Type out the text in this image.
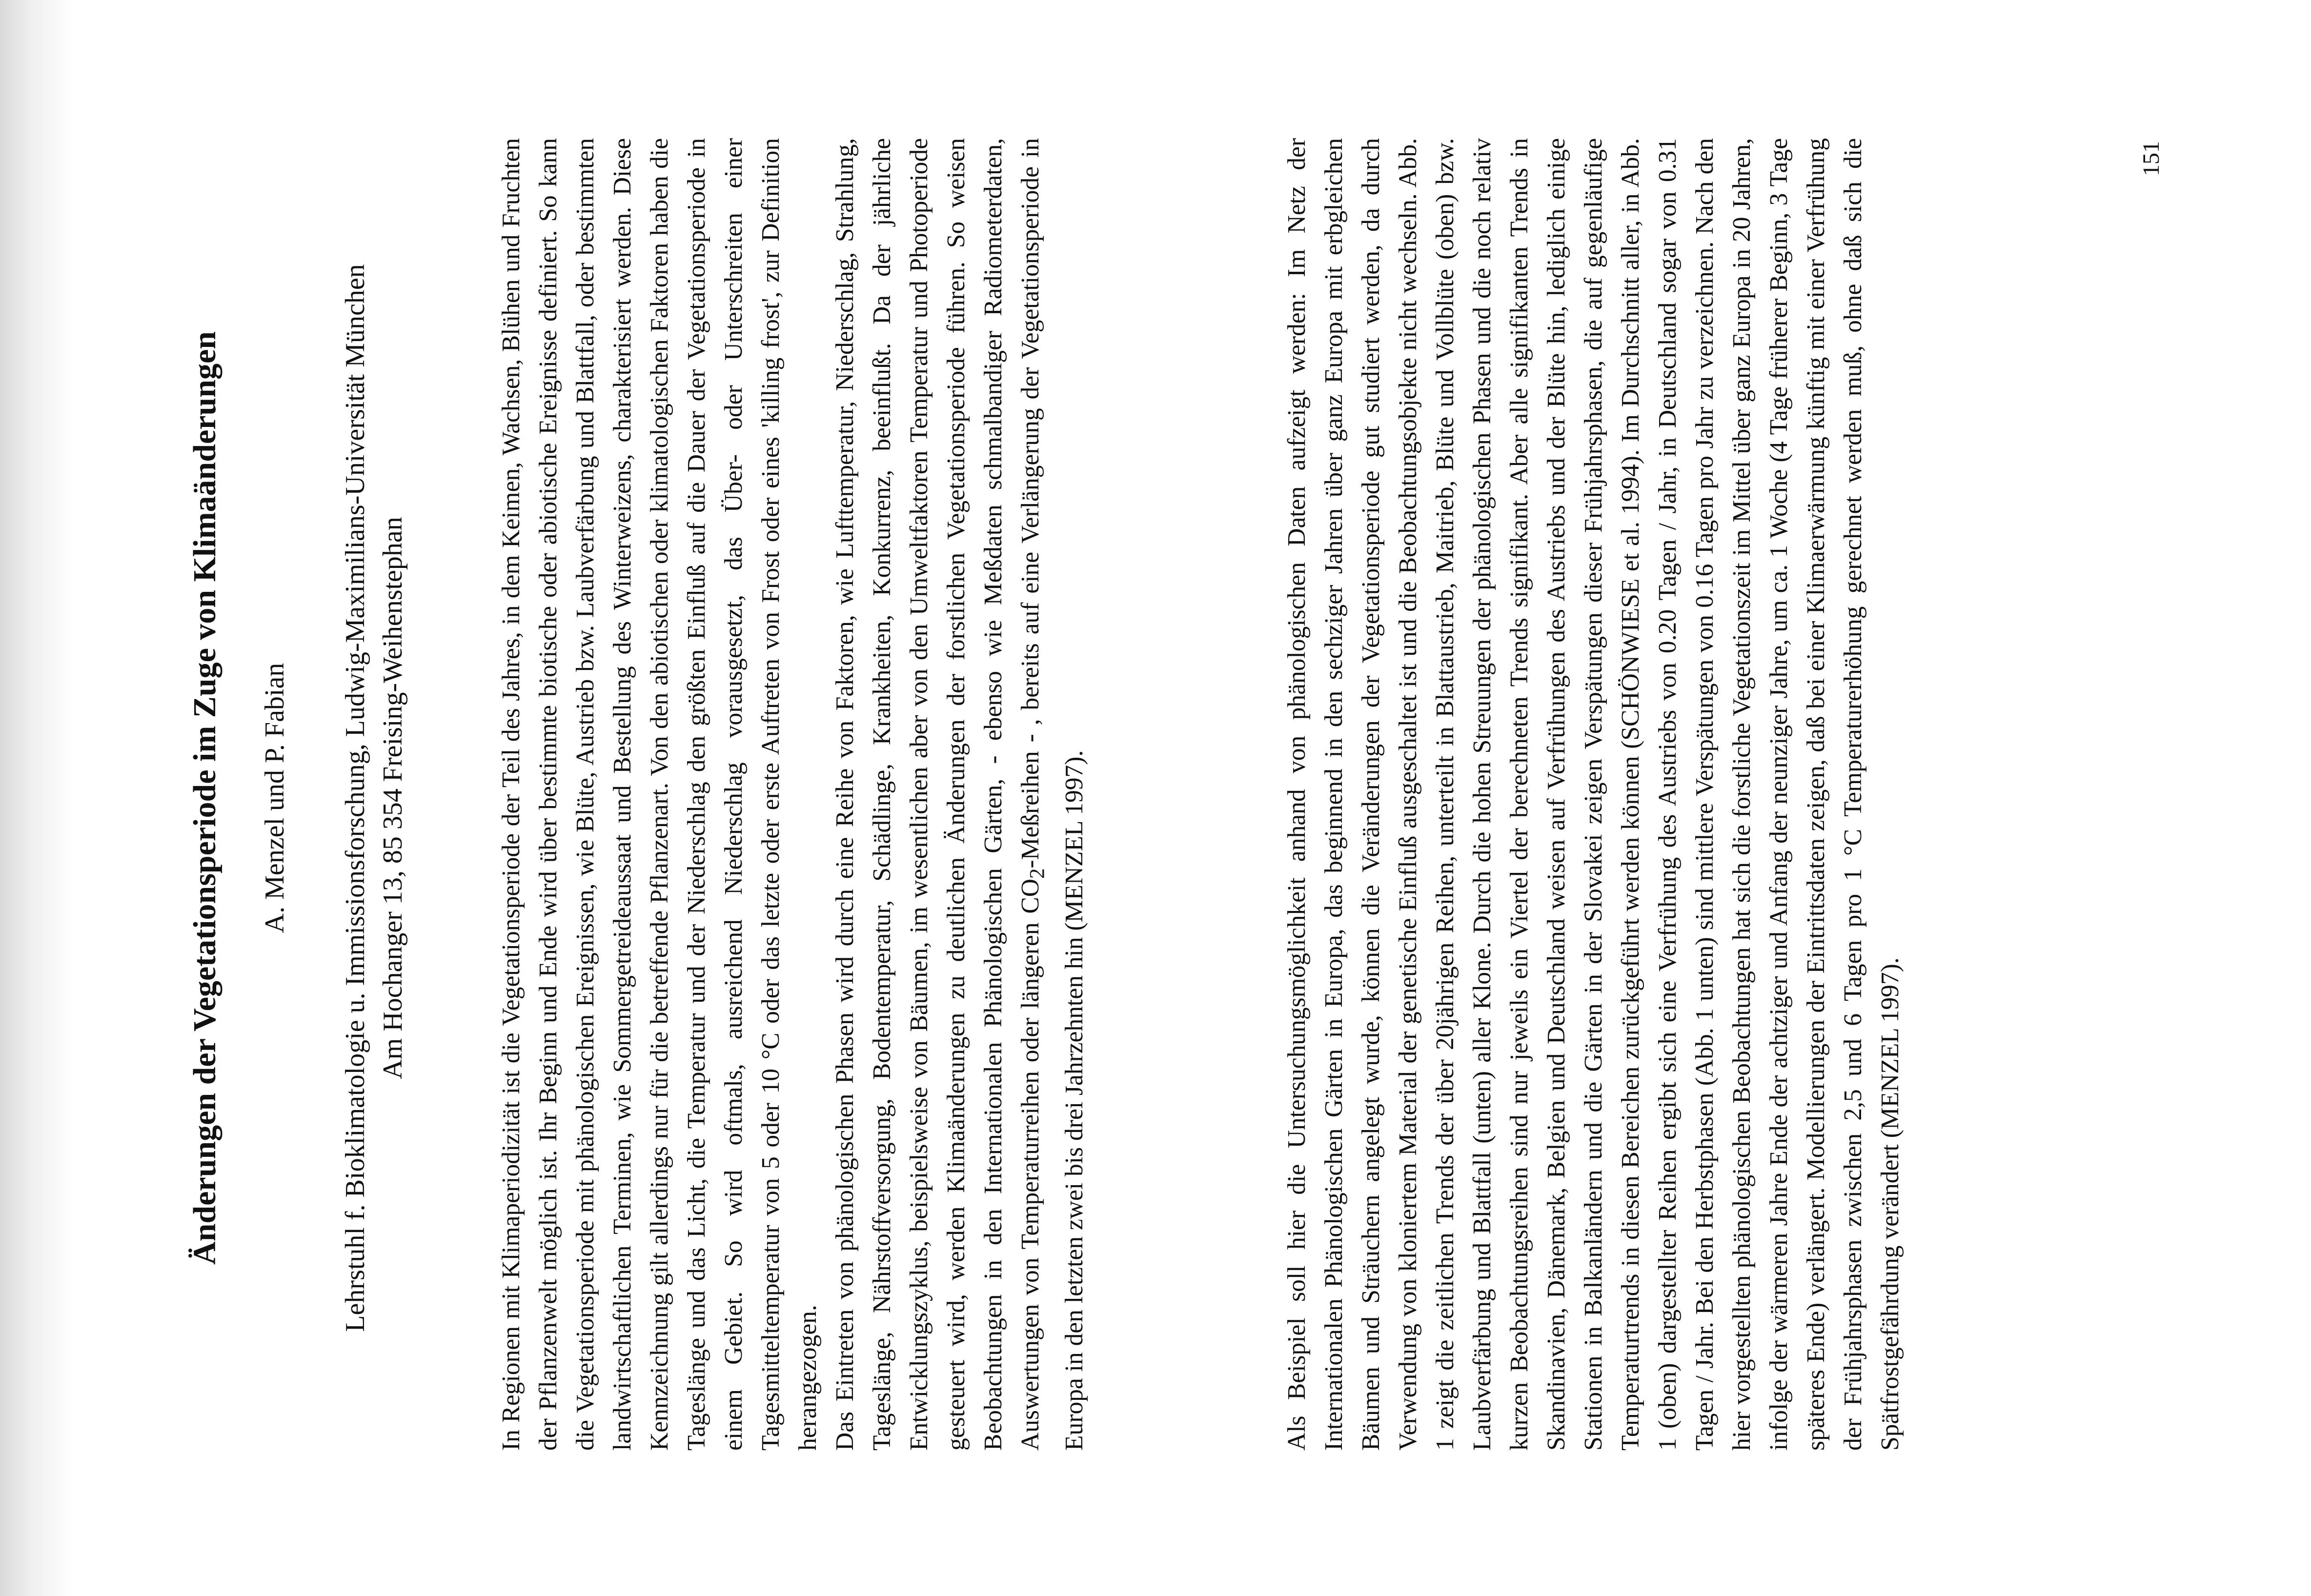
Änderungen der Vegetationsperiode im Zuge von Klimaänderungen A. Menzel und P. Fabian Lehrstuhl f. Bioklimatologie u. Immissionsforschung, Ludwig-Maximilians-Universität München Am Hochanger 13, 85 354 Freising-Weihenstephan	In Regionen mit Klimaperiodizität ist die Vegetationsperiode der Teil des Jahres, in dem Keimen, Wachsen, Blühen und Fruchten der Pflanzenwelt möglich ist. Ihr Beginn und Ende wird über bestimmte biotische oder abiotische Ereignisse definiert. So kann die Vegetationsperiode mit phänologischen Ereignissen, wie Blüte, Austrieb bzw. Laubverfärbung und Blattfall, oder bestimmten landwirtschaftlichen Terminen, wie Sommergetreideaussaat und Bestellung des Winterweizens, charakterisiert werden. Diese Kennzeichnung gilt allerdings nur für die betreffende Pflanzenart. Von den abiotischen oder klimatologischen Faktoren haben die Tageslänge und das Licht, die Temperatur und der Niederschlag den größten Einfluß auf die Dauer der Vegetationsperiode in einem Gebiet. So wird oftmals, ausreichend Niederschlag vorausgesetzt, das Über- oder Unterschreiten einer Tagesmitteltemperatur von 5 oder 10 °C oder das letzte oder erste Auftreten von Frost oder eines 'killing frost', zur Definition herangezogen. Das Eintreten von phänologischen Phasen wird durch eine Reihe von Faktoren, wie Lufttemperatur, Niederschlag, Strahlung, Tageslänge, Nährstoffversorgung, Bodentemperatur, Schädlinge, Krankheiten, Konkurrenz, beeinflußt. Da der jährliche Entwicklungszyklus, beispielsweise von Bäumen, im wesentlichen aber von den Umweltfaktoren Temperatur und Photoperiode gesteuert wird, werden Klimaänderungen zu deutlichen Änderungen der forstlichen Vegetationsperiode führen. So weisen Beobachtungen in den Internationalen Phänologischen Gärten, - ebenso wie Meßdaten schmalbandiger Radiometerdaten, Auswertungen von Temperaturreihen oder längeren $CO_2$-Meßreihen - , bereits auf eine Verlängerung der Vegetationsperiode in Europa in den letzten zwei bis drei Jahrzehnten hin (MENZEL 1997).	Als Beispiel soll hier die Untersuchungsmöglichkeit anhand von phänologischen Daten aufzeigt werden: Im Netz der Internationalen Phänologischen Gärten in Europa, das beginnend in den sechziger Jahren über ganz Europa mit erbgleichen Bäumen und Sträuchern angelegt wurde, können die Veränderungen der Vegetationsperiode gut studiert werden, da durch Verwendung von kloniertem Material der genetische Einfluß ausgeschaltet ist und die Beobachtungsobjekte nicht wechseln. Abb. 1 zeigt die zeitlichen Trends der über 20jährigen Reihen, unterteilt in Blattaustrieb, Maitrieb, Blüte und Vollblüte (oben) bzw. Laubverfärbung und Blattfall (unten) aller Klone. Durch die hohen Streuungen der phänologischen Phasen und die noch relativ kurzen Beobachtungsreihen sind nur jeweils ein Viertel der berechneten Trends signifikant. Aber alle signifikanten Trends in Skandinavien, Dänemark, Belgien und Deutschland weisen auf Verfrühungen des Austriebs und der Blüte hin, lediglich einige Stationen in Balkanländern und die Gärten in der Slovakei zeigen Verspätungen dieser Frühjahrsphasen, die auf gegenläufige Temperaturtrends in diesen Bereichen zurückgeführt werden können (SCHÖNWIESE et al. 1994). Im Durchschnitt aller, in Abb. 1 (oben) dargestellter Reihen ergibt sich eine Verfrühung des Austriebs von 0.20 Tagen / Jahr, in Deutschland sogar von 0.31 Tagen / Jahr. Bei den Herbstphasen (Abb. 1 unten) sind mittlere Verspätungen von 0.16 Tagen pro Jahr zu verzeichnen. Nach den hier vorgestellten phänologischen Beobachtungen hat sich die forstliche Vegetationszeit im Mittel über ganz Europa in 20 Jahren, infolge der wärmeren Jahre Ende der achtziger und Anfang der neunziger Jahre, um ca. 1 Woche (4 Tage früherer Beginn, 3 Tage späteres Ende) verlängert. Modellierungen der Eintrittsdaten zeigen, daß bei einer Klimaerwärmung künftig mit einer Verfrühung der Frühjahrsphasen zwischen 2,5 und 6 Tagen pro 1 °C Temperaturerhöhung gerechnet werden muß, ohne daß sich die Spätfrostgefährdung verändert (MENZEL 1997).

151
